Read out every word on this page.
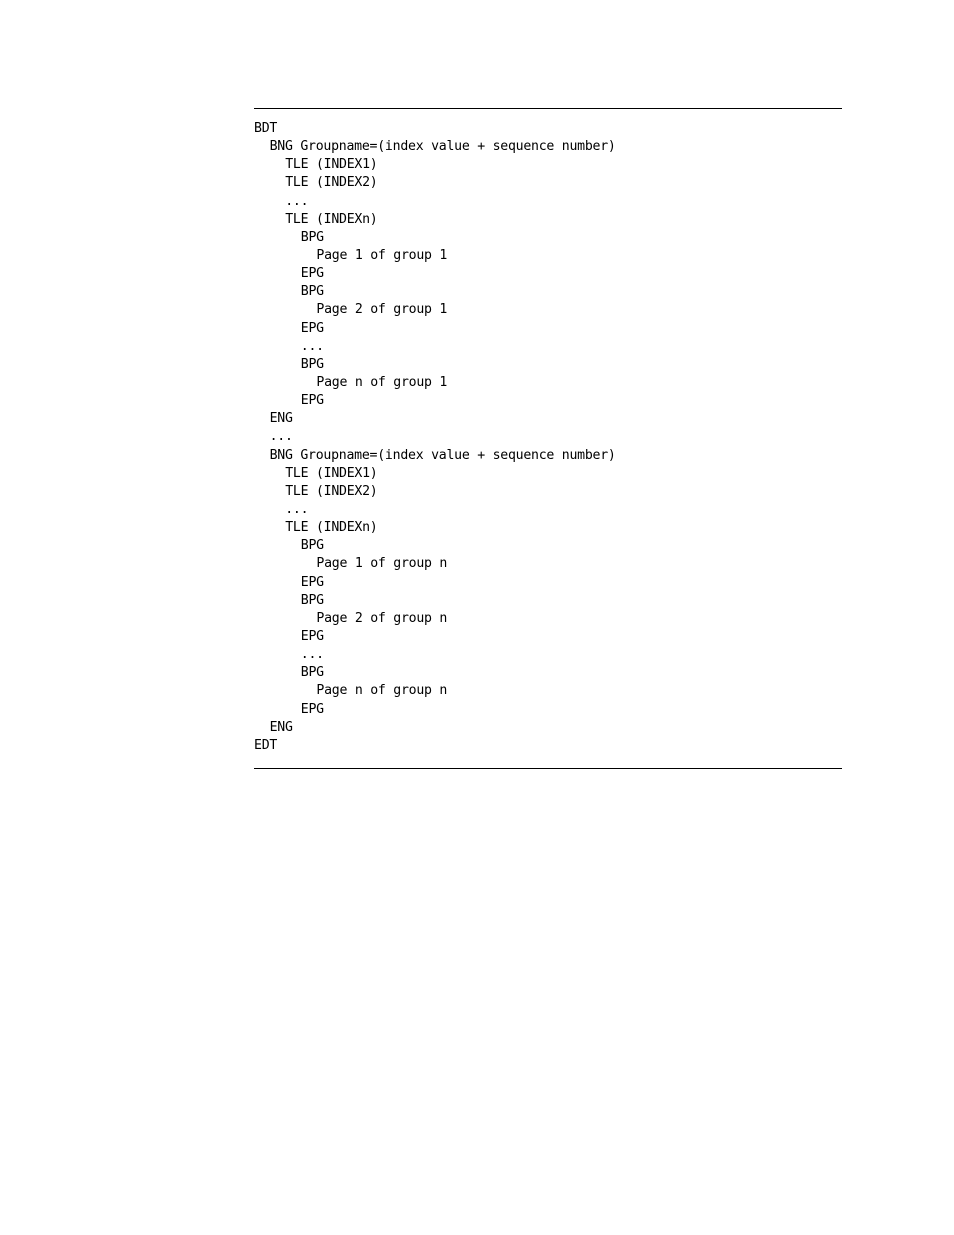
BDT
BNG Groupname=(index value + sequence number)
TLE (INDEX1)
TLE (INDEX2)
...
TLE (INDEXn)
BPG
Page 1 of group 1
EPG
BPG
Page 2 of group 1
EPG
...
BPG
Page n of group 1
EPG
ENG
...
BNG Groupname=(index value + sequence number)
TLE (INDEX1)
TLE (INDEX2)
...
TLE (INDEXn)
BPG
Page 1 of group n
EPG
BPG
Page 2 of group n
EPG
...
BPG
Page n of group n
EPG
ENG
EDT
